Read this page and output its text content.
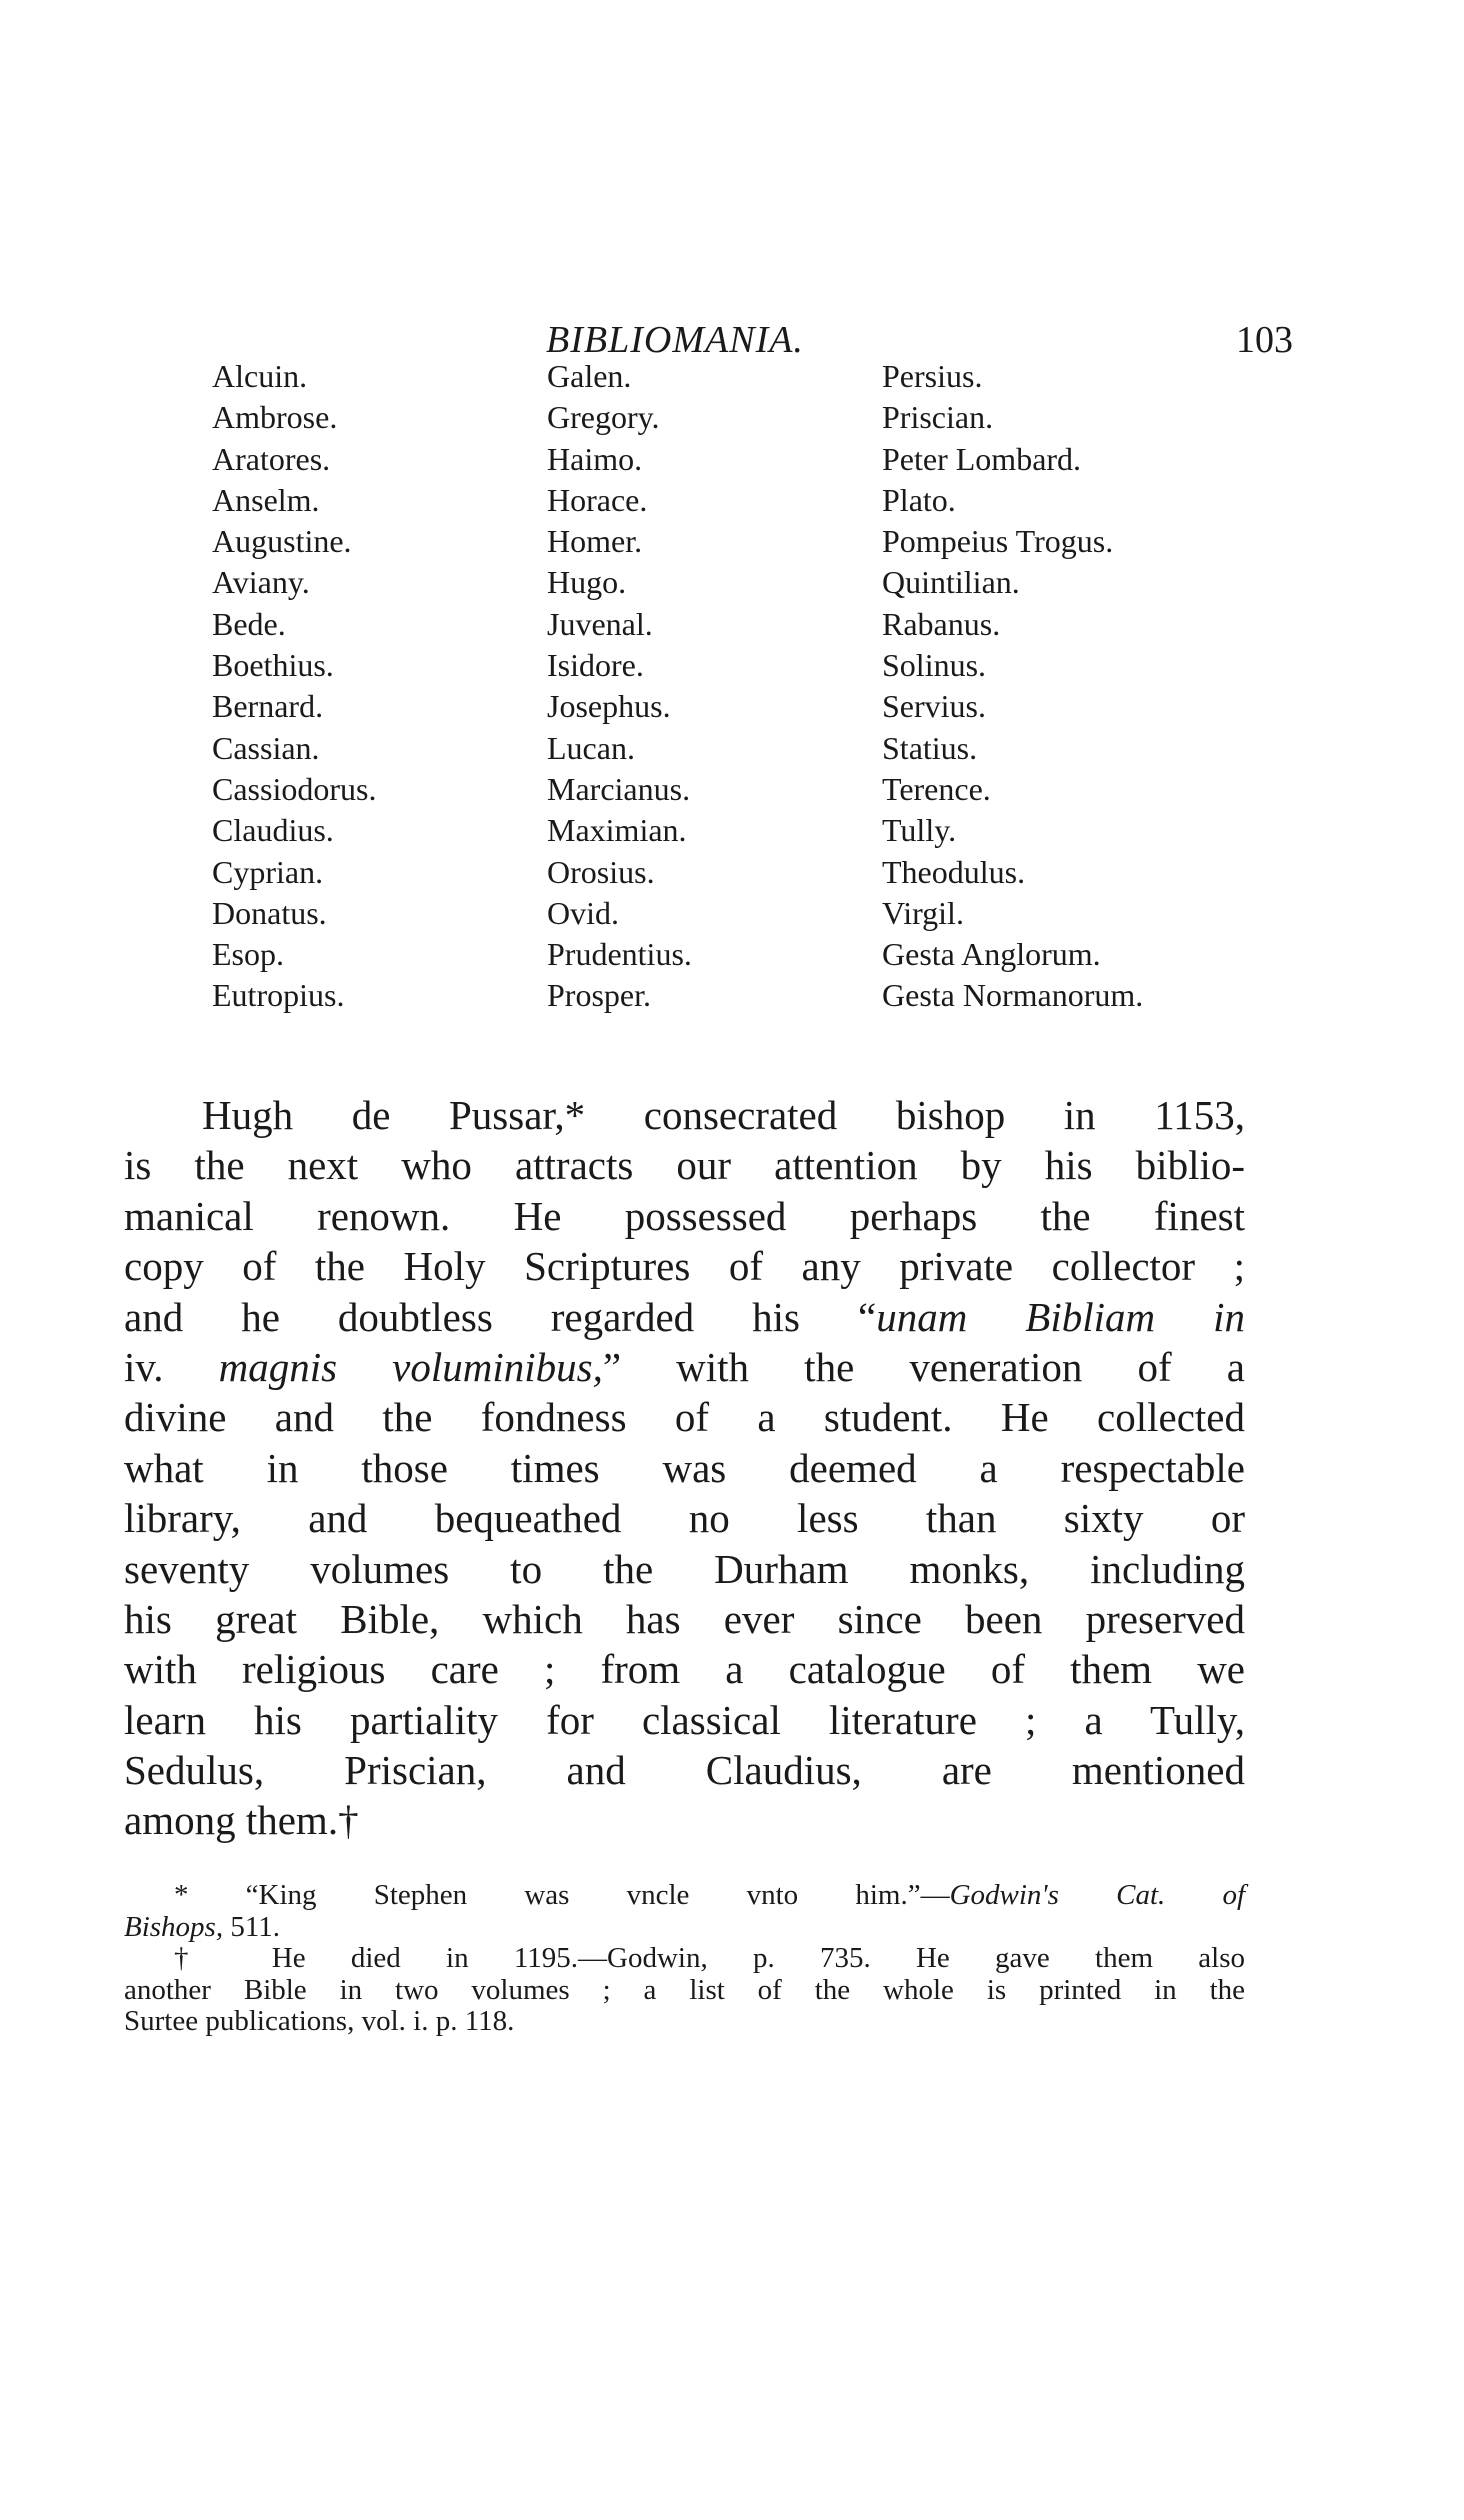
BIBLIOMANIA.	103
Alcuin.
Ambrose.
Aratores.
Anselm.
Augustine.
Aviany.
Bede.
Boethius.
Bernard.
Cassian.
Cassiodorus.
Claudius.
Cyprian.
Donatus.
Esop.
Eutropius.
Galen.
Gregory.
Haimo.
Horace.
Homer.
Hugo.
Juvenal.
Isidore.
Josephus.
Lucan.
Marcianus.
Maximian.
Orosius.
Ovid.
Prudentius.
Prosper.
Persius.
Priscian.
Peter Lombard.
Plato.
Pompeius Trogus.
Quintilian.
Rabanus.
Solinus.
Servius.
Statius.
Terence.
Tully.
Theodulus.
Virgil.
Gesta Anglorum.
Gesta Normanorum.
Hugh de Pussar,* consecrated bishop in 1153,
is the next who attracts our attention by his biblio-
manical renown. He possessed perhaps the finest
copy of the Holy Scriptures of any private collector ;
and he doubtless regarded his “unam Bibliam in
iv. magnis voluminibus,” with the veneration of a
divine and the fondness of a student. He collected
what in those times was deemed a respectable
library, and bequeathed no less than sixty or
seventy volumes to the Durham monks, including
his great Bible, which has ever since been preserved
with religious care ; from a catalogue of them we
learn his partiality for classical literature ; a Tully,
Sedulus, Priscian, and Claudius, are mentioned
among them.†
* “King Stephen was vncle vnto him.”—Godwin's Cat. of
Bishops, 511.
† He died in 1195.—Godwin, p. 735. He gave them also
another Bible in two volumes ; a list of the whole is printed in the
Surtee publications, vol. i. p. 118.
